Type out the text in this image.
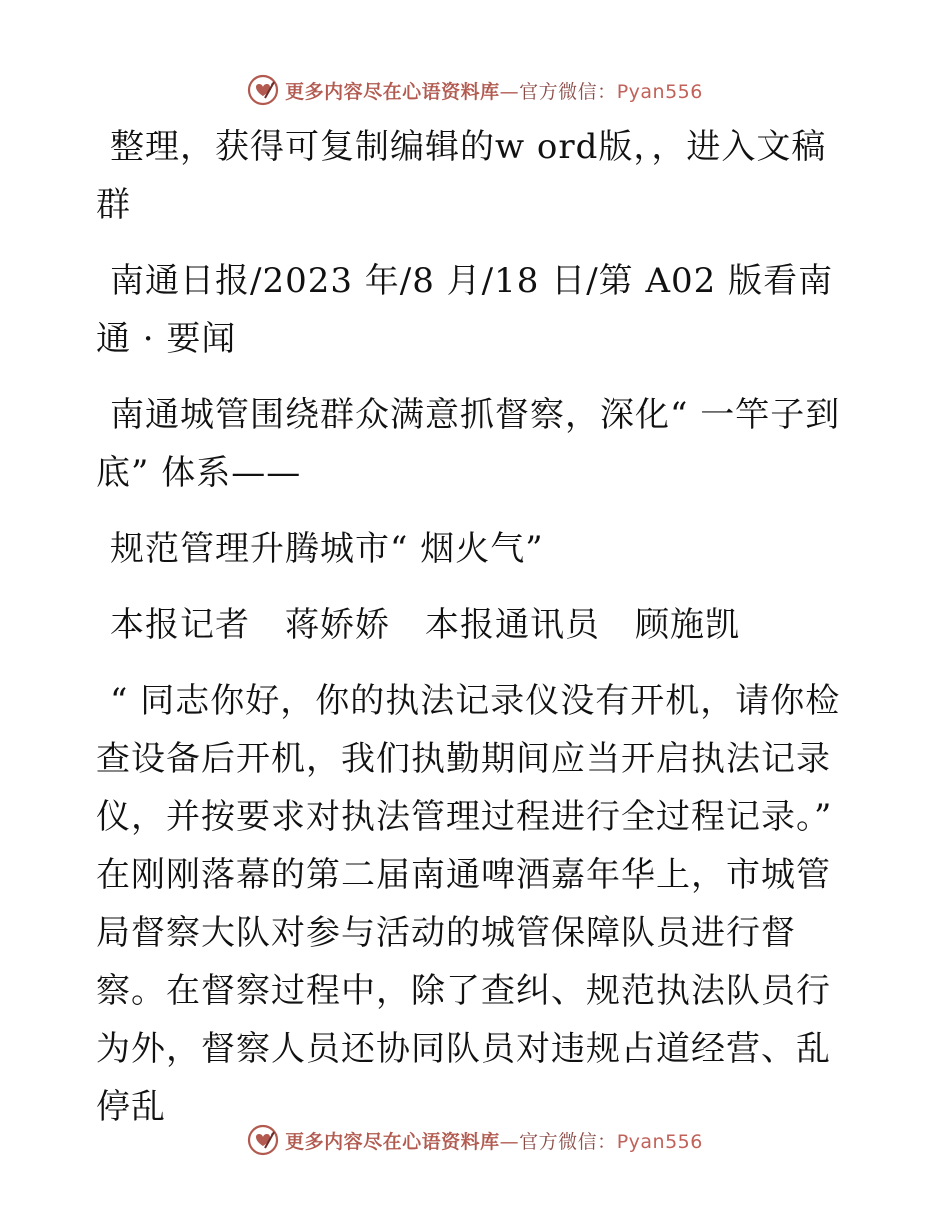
更多内容尽在心语资料库—官方微信：Pyan556

整理，获得可复制编辑的w ord版，，进入文稿群

南通日报/2023 年/8 月/18 日/第 A02 版看南通 · 要闻

南通城管围绕群众满意抓督察，深化“ 一竿子到底” 体系——

规范管理升腾城市“ 烟火气”

本报记者　蒋娇娇　本报通讯员　顾施凯

“ 同志你好，你的执法记录仪没有开机，请你检查设备后开机，我们执勤期间应当开启执法记录仪，并按要求对执法管理过程进行全过程记录。” 在刚刚落幕的第二届南通啤酒嘉年华上，市城管局督察大队对参与活动的城管保障队员进行督察。在督察过程中，除了查纠、规范执法队员行为外，督察人员还协同队员对违规占道经营、乱停乱

更多内容尽在心语资料库—官方微信：Pyan556
